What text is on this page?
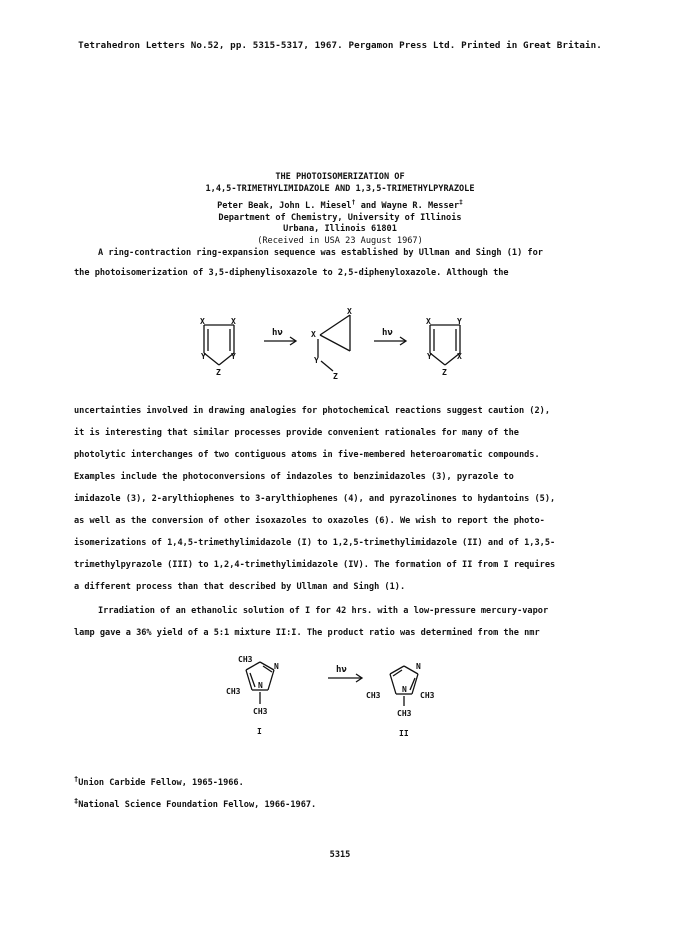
Tetrahedron Letters No.52, pp. 5315-5317, 1967. Pergamon Press Ltd. Printed in Great Britain.
THE PHOTOISOMERIZATION OF
1,4,5-TRIMETHYLIMIDAZOLE AND 1,3,5-TRIMETHYLPYRAZOLE
Peter Beak, John L. Miesel† and Wayne R. Messer‡
Department of Chemistry, University of Illinois
Urbana, Illinois 61801
(Received in USA 23 August 1967)
A ring-contraction ring-expansion sequence was established by Ullman and Singh (1) for
the photoisomerization of 3,5-diphenylisoxazole to 2,5-diphenyloxazole. Although the
X	X
Y	Y
Z
hν
X
X
Y
Z
hν
X	Y
Y	X
Z
uncertainties involved in drawing analogies for photochemical reactions suggest caution (2),
it is interesting that similar processes provide convenient rationales for many of the
photolytic interchanges of two contiguous atoms in five-membered heteroaromatic compounds.
Examples include the photoconversions of indazoles to benzimidazoles (3), pyrazole to
imidazole (3), 2-arylthiophenes to 3-arylthiophenes (4), and pyrazolinones to hydantoins (5),
as well as the conversion of other isoxazoles to oxazoles (6). We wish to report the photo-
isomerizations of 1,4,5-trimethylimidazole (I) to 1,2,5-trimethylimidazole (II) and of 1,3,5-
trimethylpyrazole (III) to 1,2,4-trimethylimidazole (IV). The formation of II from I requires
a different process than that described by Ullman and Singh (1).
Irradiation of an ethanolic solution of I for 42 hrs. with a low-pressure mercury-vapor
lamp gave a 36% yield of a 5:1 mixture II:I. The product ratio was determined from the nmr
CH3
N
CH3
N
CH3
I
hν
CH3
N
N
CH3
CH3
II
†Union Carbide Fellow, 1965-1966.
‡National Science Foundation Fellow, 1966-1967.
5315
